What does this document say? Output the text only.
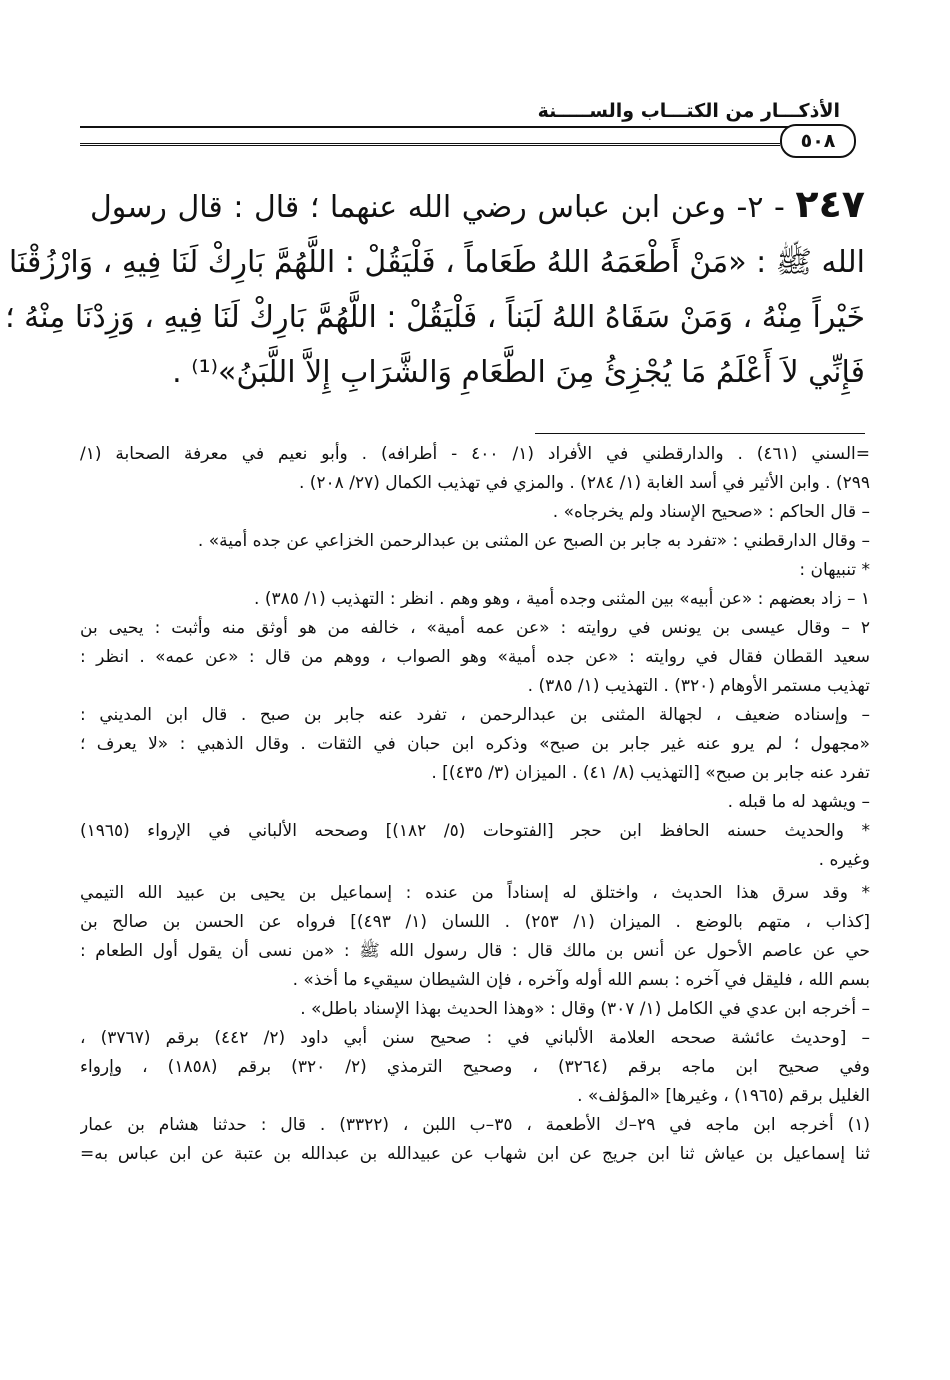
الأذكـــار من الكتـــاب والســـــنة
٥٠٨
٢٤٧ - ٢- وعن ابن عباس رضي الله عنهما ؛ قال : قال رسول
الله ﷺ : «مَنْ أَطْعَمَهُ اللهُ طَعَاماً ، فَلْيَقُلْ : اللَّهُمَّ بَارِكْ لَنَا فِيهِ ، وَارْزُقْنَا
خَيْراً مِنْهُ ، وَمَنْ سَقَاهُ اللهُ لَبَناً ، فَلْيَقُلْ : اللَّهُمَّ بَارِكْ لَنَا فِيهِ ، وَزِدْنَا مِنْهُ ؛
فَإِنِّي لاَ أَعْلَمُ مَا يُجْزِئُ مِنَ الطَّعَامِ وَالشَّرَابِ إِلاَّ اللَّبَنُ»⁽¹⁾ .
=السني (٤٦١) . والدارقطني في الأفراد (١/ ٤٠٠ - أطرافه) . وأبو نعيم في معرفة الصحابة (١/
٢٩٩) . وابن الأثير في أسد الغابة (١/ ٢٨٤) . والمزي في تهذيب الكمال (٢٧/ ٢٠٨) .
– قال الحاكم : «صحيح الإسناد ولم يخرجاه» .
– وقال الدارقطني : «تفرد به جابر بن الصبح عن المثنى بن عبدالرحمن الخزاعي عن جده أمية» .
* تنبيهان :
١ – زاد بعضهم : «عن أبيه» بين المثنى وجده أمية ، وهو وهم . انظر : التهذيب (١/ ٣٨٥) .
٢ – وقال عيسى بن يونس في روايته : «عن عمه أمية» ، خالفه من هو أوثق منه وأثبت : يحيى بن
سعيد القطان فقال في روايته : «عن جده أمية» وهو الصواب ، ووهم من قال : «عن عمه» . انظر :
تهذيب مستمر الأوهام (٣٢٠) . التهذيب (١/ ٣٨٥) .
– وإسناده ضعيف ، لجهالة المثنى بن عبدالرحمن ، تفرد عنه جابر بن صبح . قال ابن المديني :
«مجهول ؛ لم يرو عنه غير جابر بن صبح» وذكره ابن حبان في الثقات . وقال الذهبي : «لا يعرف ؛
تفرد عنه جابر بن صبح» [التهذيب (٨/ ٤١) . الميزان (٣/ ٤٣٥)] .
– ويشهد له ما قبله .
* والحديث حسنه الحافظ ابن حجر [الفتوحات (٥/ ١٨٢)] وصححه الألباني في الإرواء (١٩٦٥)
وغيره .
* وقد سرق هذا الحديث ، واختلق له إسناداً من عنده : إسماعيل بن يحيى بن عبيد الله التيمي
[كذاب ، متهم بالوضع . الميزان (١/ ٢٥٣) . اللسان (١/ ٤٩٣)] فرواه عن الحسن بن صالح بن
حي عن عاصم الأحول عن أنس بن مالك قال : قال رسول الله ﷺ : «من نسى أن يقول أول الطعام :
بسم الله ، فليقل في آخره : بسم الله أوله وآخره ، فإن الشيطان سيقيء ما أخذ» .
– أخرجه ابن عدي في الكامل (١/ ٣٠٧) وقال : «وهذا الحديث بهذا الإسناد باطل» .
– [وحديث عائشة صححه العلامة الألباني في : صحيح سنن أبي داود (٢/ ٤٤٢) برقم (٣٧٦٧) ،
وفي صحيح ابن ماجه برقم (٣٢٦٤) ، وصحيح الترمذي (٢/ ٣٢٠) برقم (١٨٥٨) ، وإرواء
الغليل برقم (١٩٦٥) ، وغيرها] «المؤلف» .
(١) أخرجه ابن ماجه في ٢٩–ك الأطعمة ، ٣٥–ب اللبن ، (٣٣٢٢) . قال : حدثنا هشام بن عمار
ثنا إسماعيل بن عياش ثنا ابن جريج عن ابن شهاب عن عبيدالله بن عبدالله بن عتبة عن ابن عباس به=
